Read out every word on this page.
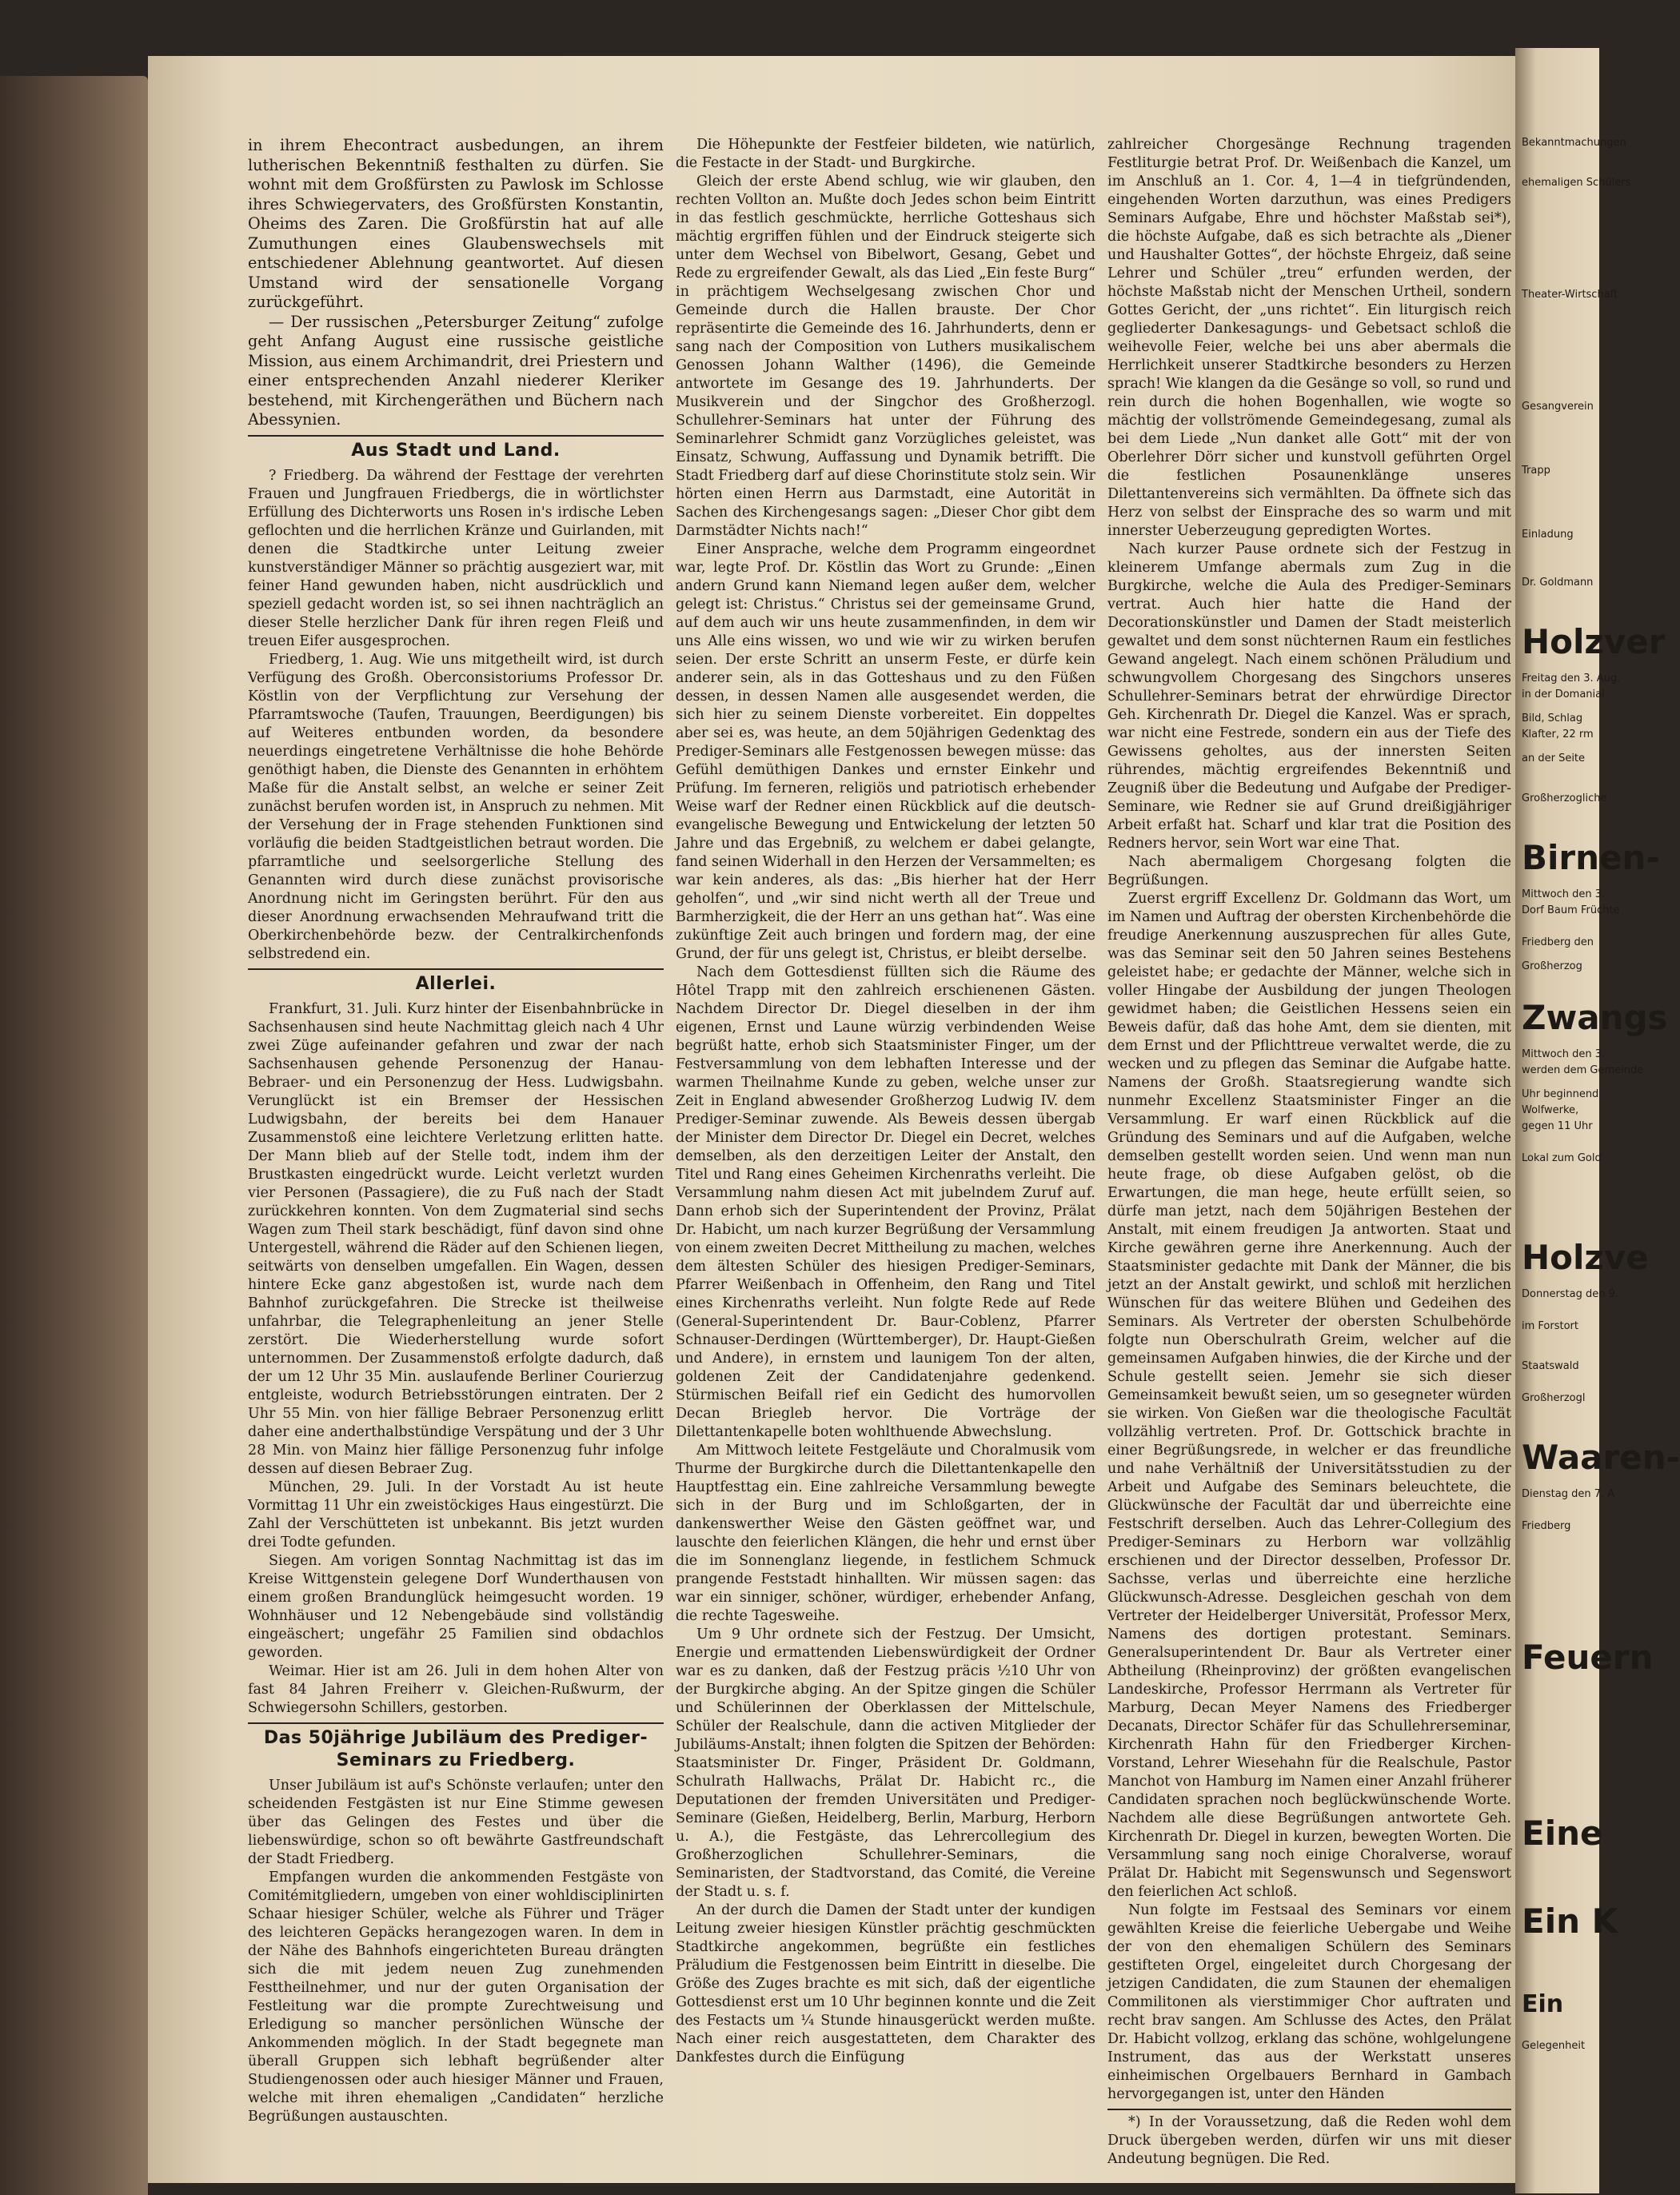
in ihrem Ehecontract ausbedungen, an ihrem lutherischen Bekenntniß festhalten zu dürfen. Sie wohnt mit dem Großfürsten zu Pawlosk im Schlosse ihres Schwiegervaters, des Großfürsten Konstantin, Oheims des Zaren. Die Großfürstin hat auf alle Zumuthungen eines Glaubenswechsels mit entschiedener Ablehnung geantwortet. Auf diesen Umstand wird der sensationelle Vorgang zurückgeführt.

— Der russischen „Petersburger Zeitung“ zufolge geht Anfang August eine russische geistliche Mission, aus einem Archimandrit, drei Priestern und einer entsprechenden Anzahl niederer Kleriker bestehend, mit Kirchengeräthen und Büchern nach Abessynien.

Aus Stadt und Land.

? Friedberg. Da während der Festtage der verehrten Frauen und Jungfrauen Friedbergs, die in wörtlichster Erfüllung des Dichterworts uns Rosen in's irdische Leben geflochten und die herrlichen Kränze und Guirlanden, mit denen die Stadtkirche unter Leitung zweier kunstverständiger Männer so prächtig ausgeziert war, mit feiner Hand gewunden haben, nicht ausdrücklich und speziell gedacht worden ist, so sei ihnen nachträglich an dieser Stelle herzlicher Dank für ihren regen Fleiß und treuen Eifer ausgesprochen.

Friedberg, 1. Aug. Wie uns mitgetheilt wird, ist durch Verfügung des Großh. Oberconsistoriums Professor Dr. Köstlin von der Verpflichtung zur Versehung der Pfarramtswoche (Taufen, Trauungen, Beerdigungen) bis auf Weiteres entbunden worden, da besondere neuerdings eingetretene Verhältnisse die hohe Behörde genöthigt haben, die Dienste des Genannten in erhöhtem Maße für die Anstalt selbst, an welche er seiner Zeit zunächst berufen worden ist, in Anspruch zu nehmen. Mit der Versehung der in Frage stehenden Funktionen sind vorläufig die beiden Stadtgeistlichen betraut worden. Die pfarramtliche und seelsorgerliche Stellung des Genannten wird durch diese zunächst provisorische Anordnung nicht im Geringsten berührt. Für den aus dieser Anordnung erwachsenden Mehraufwand tritt die Oberkirchenbehörde bezw. der Centralkirchenfonds selbstredend ein.

Allerlei.

Frankfurt, 31. Juli. Kurz hinter der Eisenbahnbrücke in Sachsenhausen sind heute Nachmittag gleich nach 4 Uhr zwei Züge aufeinander gefahren und zwar der nach Sachsenhausen gehende Personenzug der Hanau-Bebraer- und ein Personenzug der Hess. Ludwigsbahn. Verunglückt ist ein Bremser der Hessischen Ludwigsbahn, der bereits bei dem Hanauer Zusammenstoß eine leichtere Verletzung erlitten hatte. Der Mann blieb auf der Stelle todt, indem ihm der Brustkasten eingedrückt wurde. Leicht verletzt wurden vier Personen (Passagiere), die zu Fuß nach der Stadt zurückkehren konnten. Von dem Zugmaterial sind sechs Wagen zum Theil stark beschädigt, fünf davon sind ohne Untergestell, während die Räder auf den Schienen liegen, seitwärts von denselben umgefallen. Ein Wagen, dessen hintere Ecke ganz abgestoßen ist, wurde nach dem Bahnhof zurückgefahren. Die Strecke ist theilweise unfahrbar, die Telegraphenleitung an jener Stelle zerstört. Die Wiederherstellung wurde sofort unternommen. Der Zusammenstoß erfolgte dadurch, daß der um 12 Uhr 35 Min. auslaufende Berliner Courierzug entgleiste, wodurch Betriebsstörungen eintraten. Der 2 Uhr 55 Min. von hier fällige Bebraer Personenzug erlitt daher eine anderthalbstündige Verspätung und der 3 Uhr 28 Min. von Mainz hier fällige Personenzug fuhr infolge dessen auf diesen Bebraer Zug.

München, 29. Juli. In der Vorstadt Au ist heute Vormittag 11 Uhr ein zweistöckiges Haus eingestürzt. Die Zahl der Verschütteten ist unbekannt. Bis jetzt wurden drei Todte gefunden.

Siegen. Am vorigen Sonntag Nachmittag ist das im Kreise Wittgenstein gelegene Dorf Wunderthausen von einem großen Brandunglück heimgesucht worden. 19 Wohnhäuser und 12 Nebengebäude sind vollständig eingeäschert; ungefähr 25 Familien sind obdachlos geworden.

Weimar. Hier ist am 26. Juli in dem hohen Alter von fast 84 Jahren Freiherr v. Gleichen-Rußwurm, der Schwiegersohn Schillers, gestorben.

Das 50jährige Jubiläum des Prediger-Seminars zu Friedberg.

Unser Jubiläum ist auf's Schönste verlaufen; unter den scheidenden Festgästen ist nur Eine Stimme gewesen über das Gelingen des Festes und über die liebenswürdige, schon so oft bewährte Gastfreundschaft der Stadt Friedberg.

Empfangen wurden die ankommenden Festgäste von Comitémitgliedern, umgeben von einer wohldisciplinirten Schaar hiesiger Schüler, welche als Führer und Träger des leichteren Gepäcks herangezogen waren. In dem in der Nähe des Bahnhofs eingerichteten Bureau drängten sich die mit jedem neuen Zug zunehmenden Festtheilnehmer, und nur der guten Organisation der Festleitung war die prompte Zurechtweisung und Erledigung so mancher persönlichen Wünsche der Ankommenden möglich. In der Stadt begegnete man überall Gruppen sich lebhaft begrüßender alter Studiengenossen oder auch hiesiger Männer und Frauen, welche mit ihren ehemaligen „Candidaten“ herzliche Begrüßungen austauschten.

Die Höhepunkte der Festfeier bildeten, wie natürlich, die Festacte in der Stadt- und Burgkirche.

Gleich der erste Abend schlug, wie wir glauben, den rechten Vollton an. Mußte doch Jedes schon beim Eintritt in das festlich geschmückte, herrliche Gotteshaus sich mächtig ergriffen fühlen und der Eindruck steigerte sich unter dem Wechsel von Bibelwort, Gesang, Gebet und Rede zu ergreifender Gewalt, als das Lied „Ein feste Burg“ in prächtigem Wechselgesang zwischen Chor und Gemeinde durch die Hallen brauste. Der Chor repräsentirte die Gemeinde des 16. Jahrhunderts, denn er sang nach der Composition von Luthers musikalischem Genossen Johann Walther (1496), die Gemeinde antwortete im Gesange des 19. Jahrhunderts. Der Musikverein und der Singchor des Großherzogl. Schullehrer-Seminars hat unter der Führung des Seminarlehrer Schmidt ganz Vorzügliches geleistet, was Einsatz, Schwung, Auffassung und Dynamik betrifft. Die Stadt Friedberg darf auf diese Chorinstitute stolz sein. Wir hörten einen Herrn aus Darmstadt, eine Autorität in Sachen des Kirchengesangs sagen: „Dieser Chor gibt dem Darmstädter Nichts nach!“

Einer Ansprache, welche dem Programm eingeordnet war, legte Prof. Dr. Köstlin das Wort zu Grunde: „Einen andern Grund kann Niemand legen außer dem, welcher gelegt ist: Christus.“ Christus sei der gemeinsame Grund, auf dem auch wir uns heute zusammenfinden, in dem wir uns Alle eins wissen, wo und wie wir zu wirken berufen seien. Der erste Schritt an unserm Feste, er dürfe kein anderer sein, als in das Gotteshaus und zu den Füßen dessen, in dessen Namen alle ausgesendet werden, die sich hier zu seinem Dienste vorbereitet. Ein doppeltes aber sei es, was heute, an dem 50jährigen Gedenktag des Prediger-Seminars alle Festgenossen bewegen müsse: das Gefühl demüthigen Dankes und ernster Einkehr und Prüfung. Im ferneren, religiös und patriotisch erhebender Weise warf der Redner einen Rückblick auf die deutsch-evangelische Bewegung und Entwickelung der letzten 50 Jahre und das Ergebniß, zu welchem er dabei gelangte, fand seinen Widerhall in den Herzen der Versammelten; es war kein anderes, als das: „Bis hierher hat der Herr geholfen“, und „wir sind nicht werth all der Treue und Barmherzigkeit, die der Herr an uns gethan hat“. Was eine zukünftige Zeit auch bringen und fordern mag, der eine Grund, der für uns gelegt ist, Christus, er bleibt derselbe.

Nach dem Gottesdienst füllten sich die Räume des Hôtel Trapp mit den zahlreich erschienenen Gästen. Nachdem Director Dr. Diegel dieselben in der ihm eigenen, Ernst und Laune würzig verbindenden Weise begrüßt hatte, erhob sich Staatsminister Finger, um der Festversammlung von dem lebhaften Interesse und der warmen Theilnahme Kunde zu geben, welche unser zur Zeit in England abwesender Großherzog Ludwig IV. dem Prediger-Seminar zuwende. Als Beweis dessen übergab der Minister dem Director Dr. Diegel ein Decret, welches demselben, als den derzeitigen Leiter der Anstalt, den Titel und Rang eines Geheimen Kirchenraths verleiht. Die Versammlung nahm diesen Act mit jubelndem Zuruf auf. Dann erhob sich der Superintendent der Provinz, Prälat Dr. Habicht, um nach kurzer Begrüßung der Versammlung von einem zweiten Decret Mittheilung zu machen, welches dem ältesten Schüler des hiesigen Prediger-Seminars, Pfarrer Weißenbach in Offenheim, den Rang und Titel eines Kirchenraths verleiht. Nun folgte Rede auf Rede (General-Superintendent Dr. Baur-Coblenz, Pfarrer Schnauser-Derdingen (Württemberger), Dr. Haupt-Gießen und Andere), in ernstem und launigem Ton der alten, goldenen Zeit der Candidatenjahre gedenkend. Stürmischen Beifall rief ein Gedicht des humorvollen Decan Briegleb hervor. Die Vorträge der Dilettantenkapelle boten wohlthuende Abwechslung.

Am Mittwoch leitete Festgeläute und Choralmusik vom Thurme der Burgkirche durch die Dilettantenkapelle den Hauptfesttag ein. Eine zahlreiche Versammlung bewegte sich in der Burg und im Schloßgarten, der in dankenswerther Weise den Gästen geöffnet war, und lauschte den feierlichen Klängen, die hehr und ernst über die im Sonnenglanz liegende, in festlichem Schmuck prangende Feststadt hinhallten. Wir müssen sagen: das war ein sinniger, schöner, würdiger, erhebender Anfang, die rechte Tagesweihe.

Um 9 Uhr ordnete sich der Festzug. Der Umsicht, Energie und ermattenden Liebenswürdigkeit der Ordner war es zu danken, daß der Festzug präcis ½10 Uhr von der Burgkirche abging. An der Spitze gingen die Schüler und Schülerinnen der Oberklassen der Mittelschule, Schüler der Realschule, dann die activen Mitglieder der Jubiläums-Anstalt; ihnen folgten die Spitzen der Behörden: Staatsminister Dr. Finger, Präsident Dr. Goldmann, Schulrath Hallwachs, Prälat Dr. Habicht rc., die Deputationen der fremden Universitäten und Prediger-Seminare (Gießen, Heidelberg, Berlin, Marburg, Herborn u. A.), die Festgäste, das Lehrercollegium des Großherzoglichen Schullehrer-Seminars, die Seminaristen, der Stadtvorstand, das Comité, die Vereine der Stadt u. s. f.

An der durch die Damen der Stadt unter der kundigen Leitung zweier hiesigen Künstler prächtig geschmückten Stadtkirche angekommen, begrüßte ein festliches Präludium die Festgenossen beim Eintritt in dieselbe. Die Größe des Zuges brachte es mit sich, daß der eigentliche Gottesdienst erst um 10 Uhr beginnen konnte und die Zeit des Festacts um ¼ Stunde hinausgerückt werden mußte. Nach einer reich ausgestatteten, dem Charakter des Dankfestes durch die Einfügung

zahlreicher Chorgesänge Rechnung tragenden Festliturgie betrat Prof. Dr. Weißenbach die Kanzel, um im Anschluß an 1. Cor. 4, 1—4 in tiefgründenden, eingehenden Worten darzuthun, was eines Predigers Seminars Aufgabe, Ehre und höchster Maßstab sei*), die höchste Aufgabe, daß es sich betrachte als „Diener und Haushalter Gottes“, der höchste Ehrgeiz, daß seine Lehrer und Schüler „treu“ erfunden werden, der höchste Maßstab nicht der Menschen Urtheil, sondern Gottes Gericht, der „uns richtet“. Ein liturgisch reich gegliederter Dankesagungs- und Gebetsact schloß die weihevolle Feier, welche bei uns aber abermals die Herrlichkeit unserer Stadtkirche besonders zu Herzen sprach! Wie klangen da die Gesänge so voll, so rund und rein durch die hohen Bogenhallen, wie wogte so mächtig der vollströmende Gemeindegesang, zumal als bei dem Liede „Nun danket alle Gott“ mit der von Oberlehrer Dörr sicher und kunstvoll geführten Orgel die festlichen Posaunenklänge unseres Dilettantenvereins sich vermählten. Da öffnete sich das Herz von selbst der Einsprache des so warm und mit innerster Ueberzeugung gepredigten Wortes.

Nach kurzer Pause ordnete sich der Festzug in kleinerem Umfange abermals zum Zug in die Burgkirche, welche die Aula des Prediger-Seminars vertrat. Auch hier hatte die Hand der Decorationskünstler und Damen der Stadt meisterlich gewaltet und dem sonst nüchternen Raum ein festliches Gewand angelegt. Nach einem schönen Präludium und schwungvollem Chorgesang des Singchors unseres Schullehrer-Seminars betrat der ehrwürdige Director Geh. Kirchenrath Dr. Diegel die Kanzel. Was er sprach, war nicht eine Festrede, sondern ein aus der Tiefe des Gewissens geholtes, aus der innersten Seiten rührendes, mächtig ergreifendes Bekenntniß und Zeugniß über die Bedeutung und Aufgabe der Prediger-Seminare, wie Redner sie auf Grund dreißigjähriger Arbeit erfaßt hat. Scharf und klar trat die Position des Redners hervor, sein Wort war eine That.

Nach abermaligem Chorgesang folgten die Begrüßungen.

Zuerst ergriff Excellenz Dr. Goldmann das Wort, um im Namen und Auftrag der obersten Kirchenbehörde die freudige Anerkennung auszusprechen für alles Gute, was das Seminar seit den 50 Jahren seines Bestehens geleistet habe; er gedachte der Männer, welche sich in voller Hingabe der Ausbildung der jungen Theologen gewidmet haben; die Geistlichen Hessens seien ein Beweis dafür, daß das hohe Amt, dem sie dienten, mit dem Ernst und der Pflichttreue verwaltet werde, die zu wecken und zu pflegen das Seminar die Aufgabe hatte. Namens der Großh. Staatsregierung wandte sich nunmehr Excellenz Staatsminister Finger an die Versammlung. Er warf einen Rückblick auf die Gründung des Seminars und auf die Aufgaben, welche demselben gestellt worden seien. Und wenn man nun heute frage, ob diese Aufgaben gelöst, ob die Erwartungen, die man hege, heute erfüllt seien, so dürfe man jetzt, nach dem 50jährigen Bestehen der Anstalt, mit einem freudigen Ja antworten. Staat und Kirche gewähren gerne ihre Anerkennung. Auch der Staatsminister gedachte mit Dank der Männer, die bis jetzt an der Anstalt gewirkt, und schloß mit herzlichen Wünschen für das weitere Blühen und Gedeihen des Seminars. Als Vertreter der obersten Schulbehörde folgte nun Oberschulrath Greim, welcher auf die gemeinsamen Aufgaben hinwies, die der Kirche und der Schule gestellt seien. Jemehr sie sich dieser Gemeinsamkeit bewußt seien, um so gesegneter würden sie wirken. Von Gießen war die theologische Facultät vollzählig vertreten. Prof. Dr. Gottschick brachte in einer Begrüßungsrede, in welcher er das freundliche und nahe Verhältniß der Universitätsstudien zu der Arbeit und Aufgabe des Seminars beleuchtete, die Glückwünsche der Facultät dar und überreichte eine Festschrift derselben. Auch das Lehrer-Collegium des Prediger-Seminars zu Herborn war vollzählig erschienen und der Director desselben, Professor Dr. Sachsse, verlas und überreichte eine herzliche Glückwunsch-Adresse. Desgleichen geschah von dem Vertreter der Heidelberger Universität, Professor Merx, Namens des dortigen protestant. Seminars. Generalsuperintendent Dr. Baur als Vertreter einer Abtheilung (Rheinprovinz) der größten evangelischen Landeskirche, Professor Herrmann als Vertreter für Marburg, Decan Meyer Namens des Friedberger Decanats, Director Schäfer für das Schullehrerseminar, Kirchenrath Hahn für den Friedberger Kirchen-Vorstand, Lehrer Wiesehahn für die Realschule, Pastor Manchot von Hamburg im Namen einer Anzahl früherer Candidaten sprachen noch beglückwünschende Worte. Nachdem alle diese Begrüßungen antwortete Geh. Kirchenrath Dr. Diegel in kurzen, bewegten Worten. Die Versammlung sang noch einige Choralverse, worauf Prälat Dr. Habicht mit Segenswunsch und Segenswort den feierlichen Act schloß.

Nun folgte im Festsaal des Seminars vor einem gewählten Kreise die feierliche Uebergabe und Weihe der von den ehemaligen Schülern des Seminars gestifteten Orgel, eingeleitet durch Chorgesang der jetzigen Candidaten, die zum Staunen der ehemaligen Commilitonen als vierstimmiger Chor auftraten und recht brav sangen. Am Schlusse des Actes, den Prälat Dr. Habicht vollzog, erklang das schöne, wohlgelungene Instrument, das aus der Werkstatt unseres einheimischen Orgelbauers Bernhard in Gambach hervorgegangen ist, unter den Händen

*) In der Voraussetzung, daß die Reden wohl dem Druck übergeben werden, dürfen wir uns mit dieser Andeutung begnügen. Die Red.

Bekanntmachungen
ehemaligen Schülers
Theater-Wirtschaft
Gesangverein
Trapp
Einladung
Dr. Goldmann
Holzver
Freitag den 3. Aug.
in der Domanial
Bild, Schlag
Klafter, 22 rm
an der Seite
Großherzogliche
Birnen-
Mittwoch den 3.
Dorf Baum Früchte
Friedberg den
Großherzog
Zwangs
Mittwoch den 3.
werden dem Gemeinde
Uhr beginnend
Wolfwerke,
gegen 11 Uhr
Lokal zum Gold
Holzve
Donnerstag den 9.
im Forstort
Staatswald
Großherzogl
Waaren-
Dienstag den 7. A
Friedberg
Feuern
Eine
Ein K
Ein
Gelegenheit
